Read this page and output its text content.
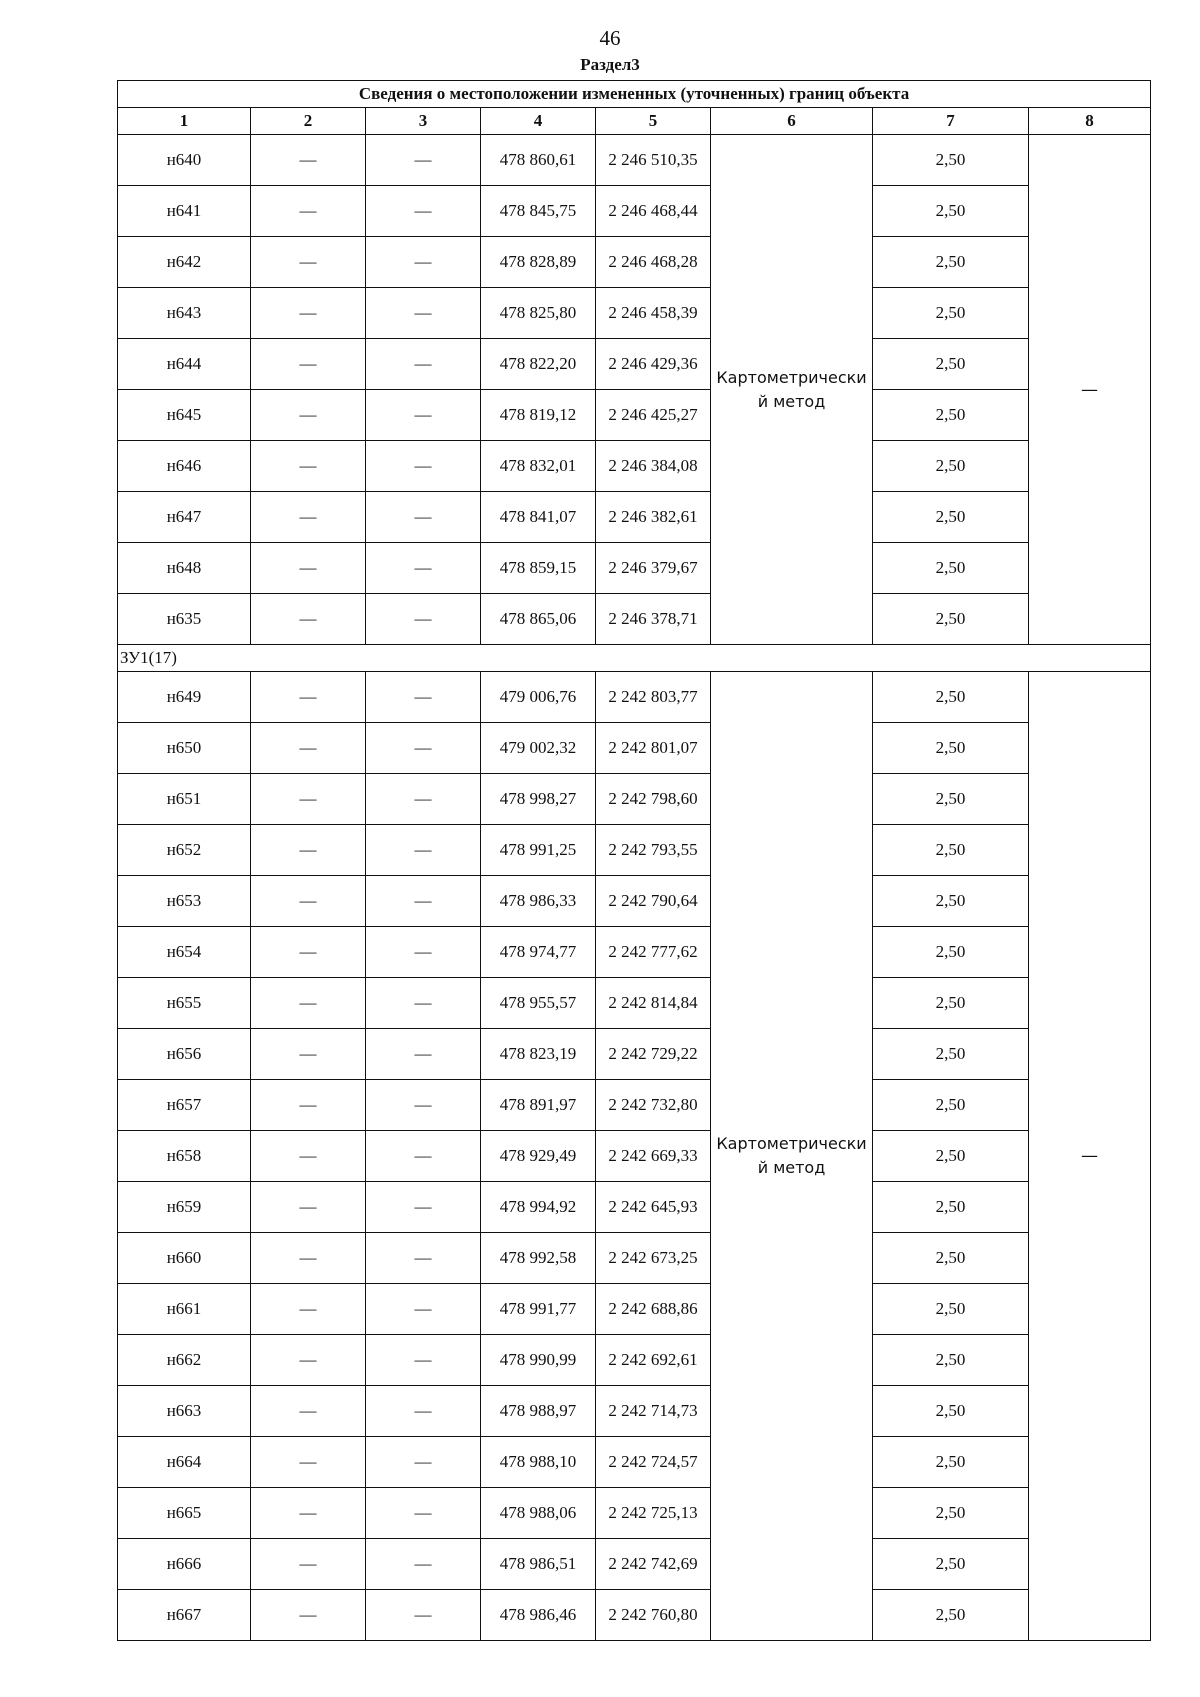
46
Раздел3
Сведения о местоположении измененных (уточненных) границ объекта							
1	2	3	4	5	6	7	8
н640	—	—	478 860,61	2 246 510,35	Картометрически й метод	2,50	—
н641	—	—	478 845,75	2 246 468,44		2,50	
н642	—	—	478 828,89	2 246 468,28		2,50	
н643	—	—	478 825,80	2 246 458,39		2,50	
н644	—	—	478 822,20	2 246 429,36		2,50	
н645	—	—	478 819,12	2 246 425,27		2,50	
н646	—	—	478 832,01	2 246 384,08		2,50	
н647	—	—	478 841,07	2 246 382,61		2,50	
н648	—	—	478 859,15	2 246 379,67		2,50	
н635	—	—	478 865,06	2 246 378,71		2,50	
ЗУ1(17)							
н649	—	—	479 006,76	2 242 803,77	Картометрически й метод	2,50	—
н650	—	—	479 002,32	2 242 801,07		2,50	
н651	—	—	478 998,27	2 242 798,60		2,50	
н652	—	—	478 991,25	2 242 793,55		2,50	
н653	—	—	478 986,33	2 242 790,64		2,50	
н654	—	—	478 974,77	2 242 777,62		2,50	
н655	—	—	478 955,57	2 242 814,84		2,50	
н656	—	—	478 823,19	2 242 729,22		2,50	
н657	—	—	478 891,97	2 242 732,80		2,50	
н658	—	—	478 929,49	2 242 669,33		2,50	
н659	—	—	478 994,92	2 242 645,93		2,50	
н660	—	—	478 992,58	2 242 673,25		2,50	
н661	—	—	478 991,77	2 242 688,86		2,50	
н662	—	—	478 990,99	2 242 692,61		2,50	
н663	—	—	478 988,97	2 242 714,73		2,50	
н664	—	—	478 988,10	2 242 724,57		2,50	
н665	—	—	478 988,06	2 242 725,13		2,50	
н666	—	—	478 986,51	2 242 742,69		2,50	
н667	—	—	478 986,46	2 242 760,80		2,50	
